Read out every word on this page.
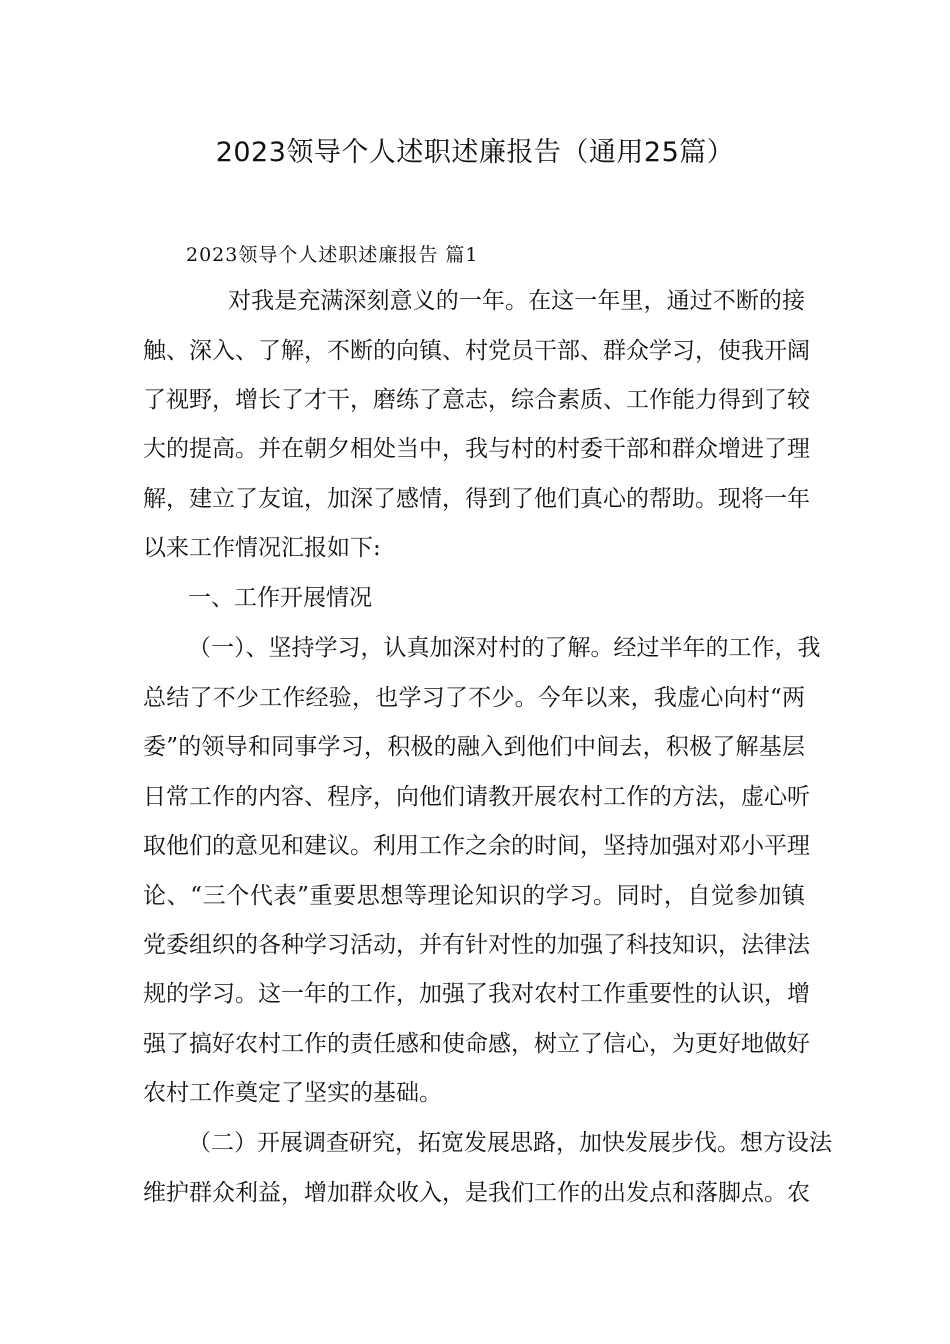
2023领导个人述职述廉报告（通用25篇）
2023领导个人述职述廉报告 篇1
对我是充满深刻意义的一年。在这一年里，通过不断的接
触、深入、了解，不断的向镇、村党员干部、群众学习，使我开阔
了视野，增长了才干，磨练了意志，综合素质、工作能力得到了较
大的提高。并在朝夕相处当中，我与村的村委干部和群众增进了理
解，建立了友谊，加深了感情，得到了他们真心的帮助。现将一年
以来工作情况汇报如下:
一、工作开展情况
（一）、坚持学习，认真加深对村的了解。经过半年的工作，我
总结了不少工作经验，也学习了不少。今年以来，我虚心向村“两
委”的领导和同事学习，积极的融入到他们中间去，积极了解基层
日常工作的内容、程序，向他们请教开展农村工作的方法，虚心听
取他们的意见和建议。利用工作之余的时间，坚持加强对邓小平理
论、“三个代表”重要思想等理论知识的学习。同时，自觉参加镇
党委组织的各种学习活动，并有针对性的加强了科技知识，法律法
规的学习。这一年的工作，加强了我对农村工作重要性的认识，增
强了搞好农村工作的责任感和使命感，树立了信心，为更好地做好
农村工作奠定了坚实的基础。
（二）开展调查研究，拓宽发展思路，加快发展步伐。想方设法
维护群众利益，增加群众收入，是我们工作的出发点和落脚点。农
